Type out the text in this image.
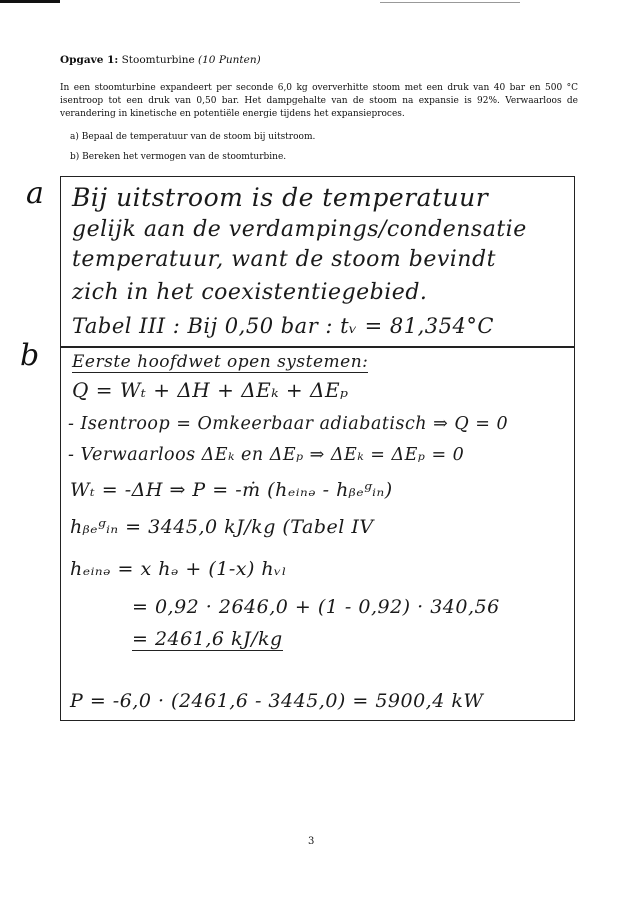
Opgave 1: Stoomturbine (10 Punten)
In een stoomturbine expandeert per seconde 6,0 kg oververhitte stoom met een druk van 40 bar en 500 °C isentroop tot een druk van 0,50 bar. Het dampgehalte van de stoom na expansie is 92%. Verwaarloos de verandering in kinetische en potentiële energie tijdens het expansieproces.
a) Bepaal de temperatuur van de stoom bij uitstroom.
b) Bereken het vermogen van de stoomturbine.
a
b
Bij uitstroom is de temperatuur
gelijk aan de verdampings/condensatie
temperatuur, want de stoom bevindt
zich in het coexistentiegebied.
Tabel III : Bij 0,50 bar : tᵥ = 81,354°C
Eerste hoofdwet open systemen:
Q = Wₜ + ΔH + ΔEₖ + ΔEₚ
- Isentroop = Omkeerbaar adiabatisch ⇒ Q = 0
- Verwaarloos ΔEₖ en ΔEₚ ⇒ ΔEₖ = ΔEₚ = 0
Wₜ = -ΔH ⇒ P = -ṁ (hₑᵢₙₔ - hᵦₑᵍᵢₙ)
hᵦₑᵍᵢₙ = 3445,0 kJ/kg (Tabel IV
hₑᵢₙₔ = x hₔ + (1-x) hᵥₗ
= 0,92 · 2646,0 + (1 - 0,92) · 340,56
= 2461,6 kJ/kg
P = -6,0 · (2461,6 - 3445,0) = 5900,4 kW
3
